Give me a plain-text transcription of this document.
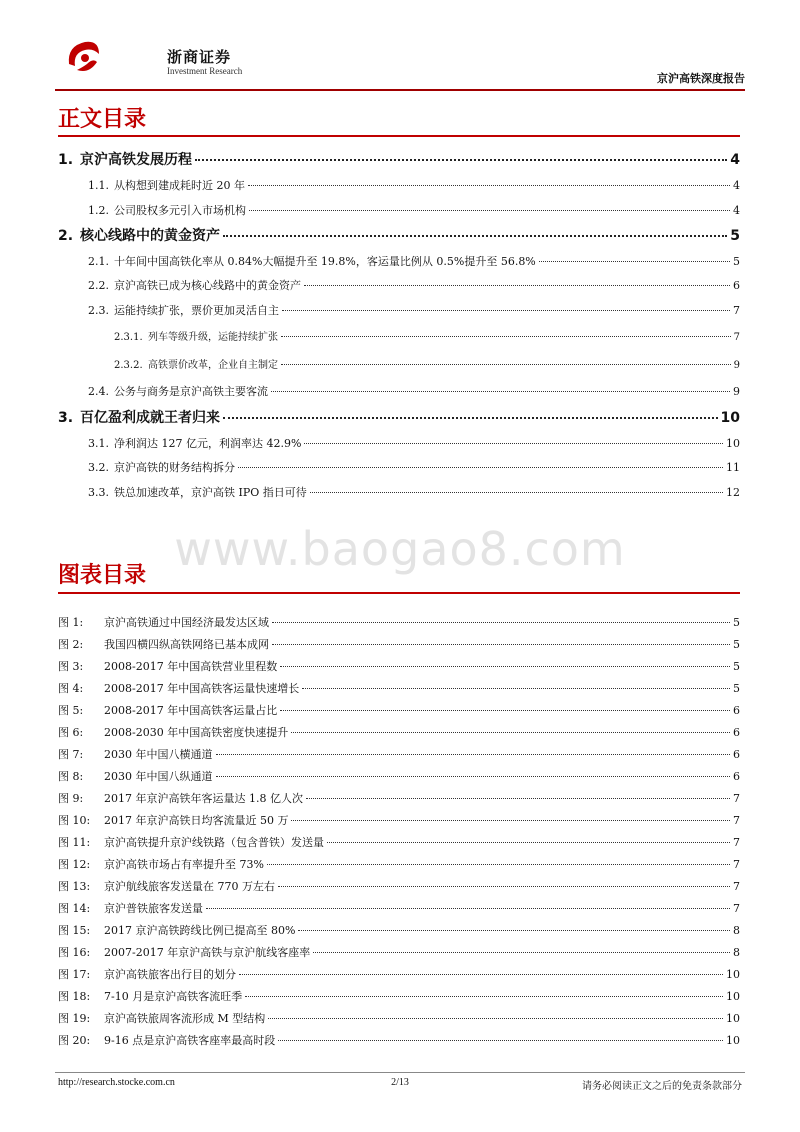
浙商证券
Investment Research
京沪高铁深度报告
正文目录
1. 京沪高铁发展历程	4
1.1. 从构想到建成耗时近 20 年	4
1.2. 公司股权多元引入市场机构	4
2. 核心线路中的黄金资产	5
2.1. 十年间中国高铁化率从 0.84%大幅提升至 19.8%，客运量比例从 0.5%提升至 56.8%	5
2.2. 京沪高铁已成为核心线路中的黄金资产	6
2.3. 运能持续扩张，票价更加灵活自主	7
2.3.1. 列车等级升级，运能持续扩张	7
2.3.2. 高铁票价改革，企业自主制定	9
2.4. 公务与商务是京沪高铁主要客流	9
3. 百亿盈利成就王者归来	10
3.1. 净利润达 127 亿元，利润率达 42.9%	10
3.2. 京沪高铁的财务结构拆分	11
3.3. 铁总加速改革，京沪高铁 IPO 指日可待	12
www.baogao8.com
图表目录
图 1:	京沪高铁通过中国经济最发达区域	5
图 2:	我国四横四纵高铁网络已基本成网	5
图 3:	2008-2017 年中国高铁营业里程数	5
图 4:	2008-2017 年中国高铁客运量快速增长	5
图 5:	2008-2017 年中国高铁客运量占比	6
图 6:	2008-2030 年中国高铁密度快速提升	6
图 7:	2030 年中国八横通道	6
图 8:	2030 年中国八纵通道	6
图 9:	2017 年京沪高铁年客运量达 1.8 亿人次	7
图 10:	2017 年京沪高铁日均客流量近 50 万	7
图 11:	京沪高铁提升京沪线铁路（包含普铁）发送量	7
图 12:	京沪高铁市场占有率提升至 73%	7
图 13:	京沪航线旅客发送量在 770 万左右	7
图 14:	京沪普铁旅客发送量	7
图 15:	2017 京沪高铁跨线比例已提高至 80%	8
图 16:	2007-2017 年京沪高铁与京沪航线客座率	8
图 17:	京沪高铁旅客出行目的划分	10
图 18:	7-10 月是京沪高铁客流旺季	10
图 19:	京沪高铁旅周客流形成 M 型结构	10
图 20:	9-16 点是京沪高铁客座率最高时段	10
http://research.stocke.com.cn	2/13	请务必阅读正文之后的免责条款部分
